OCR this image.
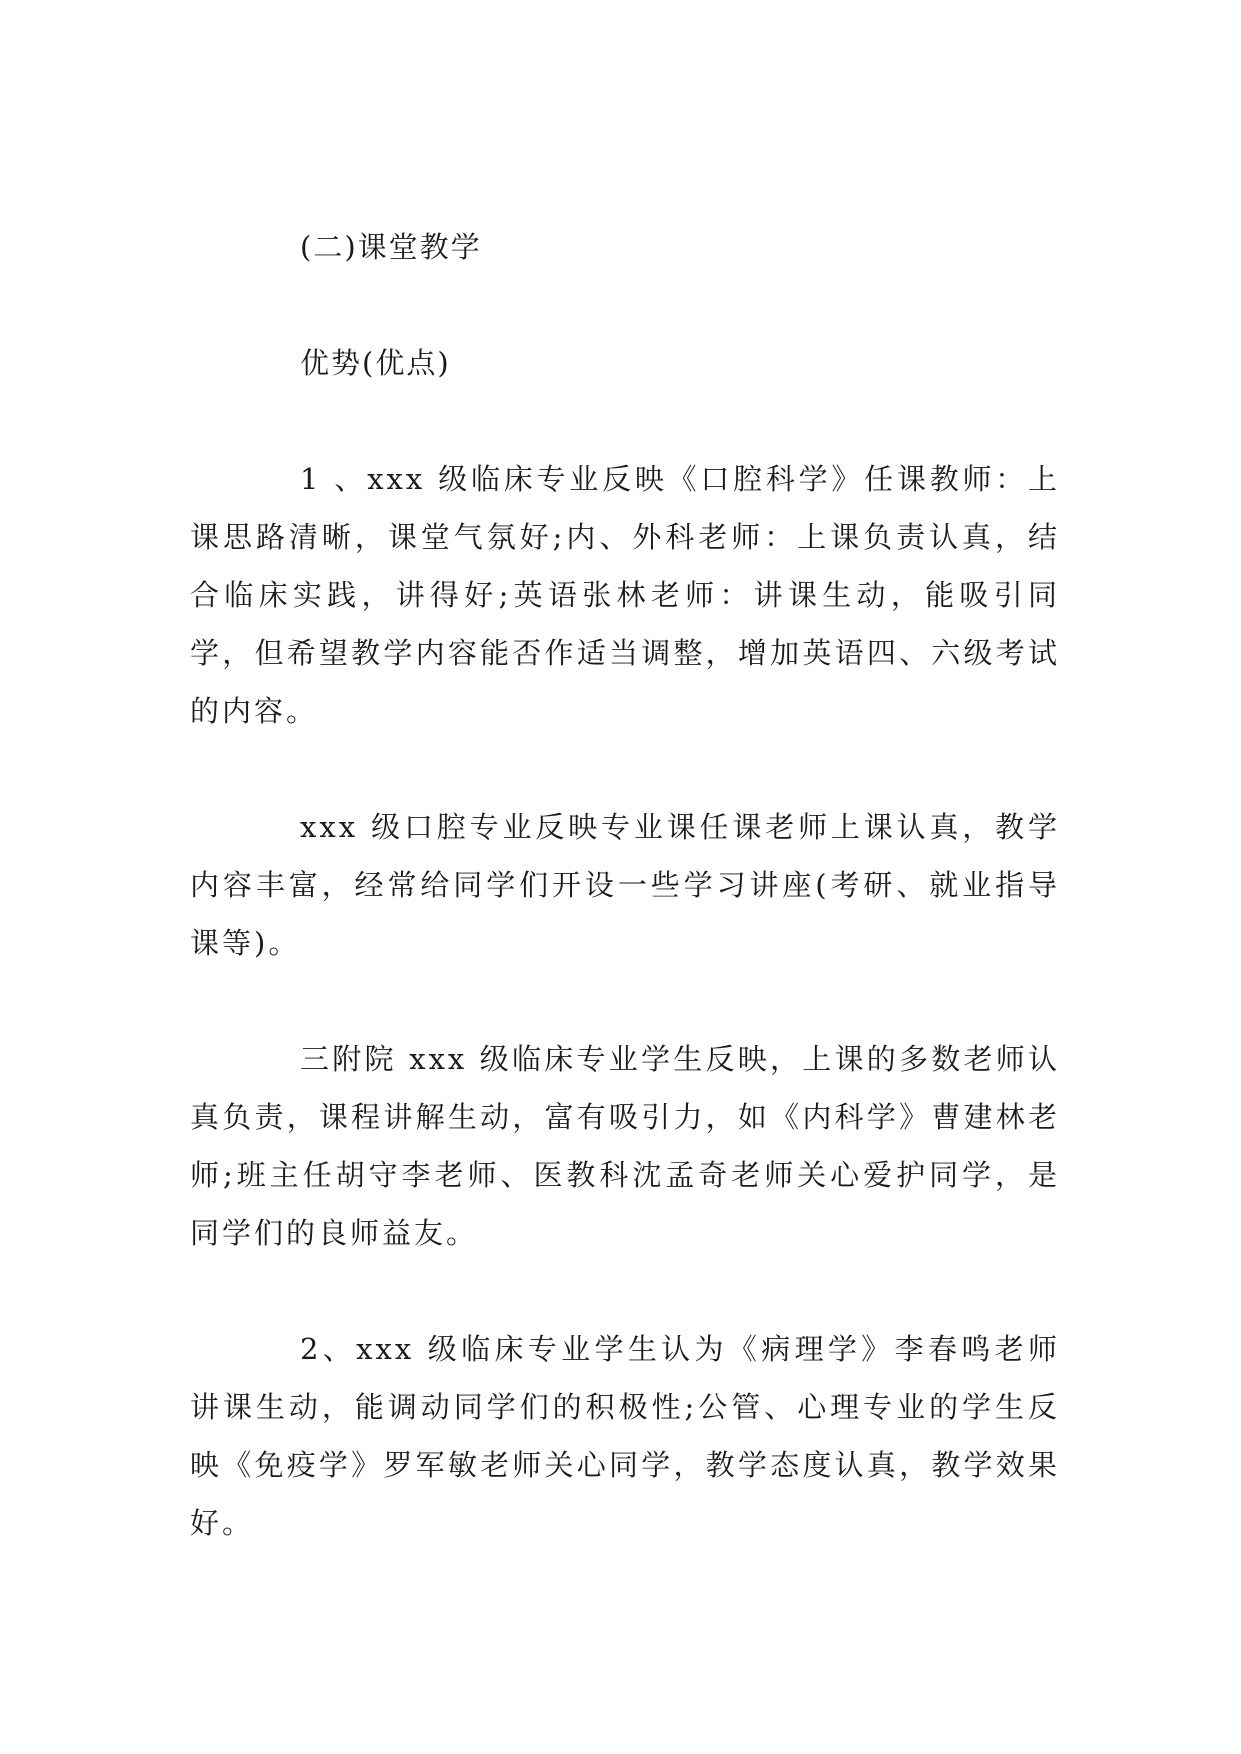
(二)课堂教学
优势(优点)

1 、xxx 级临床专业反映《口腔科学》任课教师：上课思路清晰，课堂气氛好;内、外科老师：上课负责认真，结合临床实践，讲得好;英语张林老师：讲课生动，能吸引同学，但希望教学内容能否作适当调整，增加英语四、六级考试的内容。

xxx 级口腔专业反映专业课任课老师上课认真，教学内容丰富，经常给同学们开设一些学习讲座(考研、就业指导课等)。

三附院 xxx 级临床专业学生反映，上课的多数老师认真负责，课程讲解生动，富有吸引力，如《内科学》曹建林老师;班主任胡守李老师、医教科沈孟奇老师关心爱护同学，是同学们的良师益友。

2、xxx 级临床专业学生认为《病理学》李春鸣老师讲课生动，能调动同学们的积极性;公管、心理专业的学生反映《免疫学》罗军敏老师关心同学，教学态度认真，教学效果好。
